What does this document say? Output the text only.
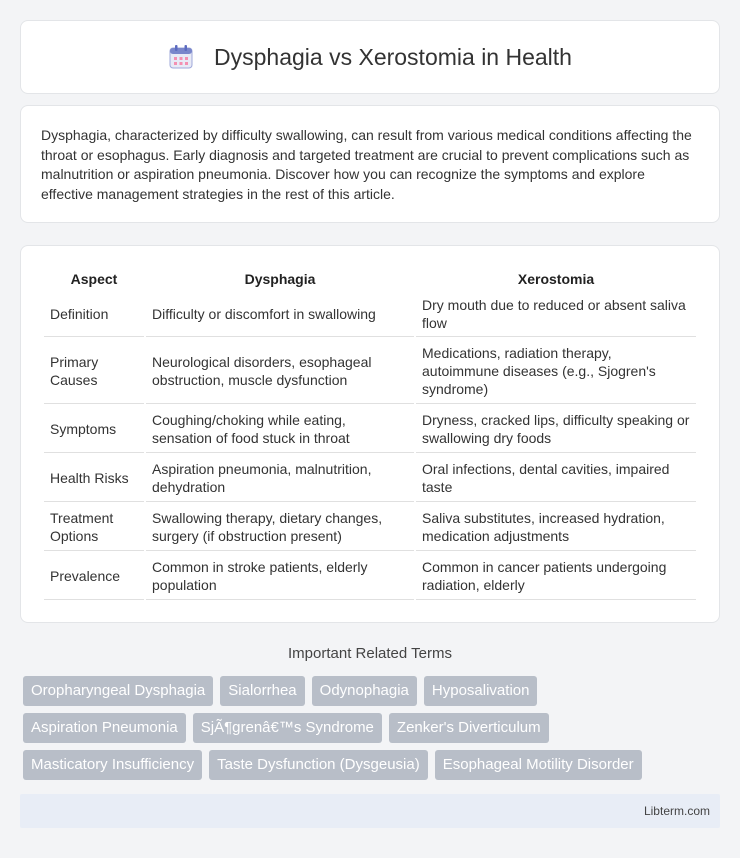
Dysphagia vs Xerostomia in Health

Dysphagia, characterized by difficulty swallowing, can result from various medical conditions affecting the throat or esophagus. Early diagnosis and targeted treatment are crucial to prevent complications such as malnutrition or aspiration pneumonia. Discover how you can recognize the symptoms and explore effective management strategies in the rest of this article.

Aspect	Dysphagia	Xerostomia
Definition	Difficulty or discomfort in swallowing	Dry mouth due to reduced or absent saliva flow
Primary Causes	Neurological disorders, esophageal obstruction, muscle dysfunction	Medications, radiation therapy, autoimmune diseases (e.g., Sjogren's syndrome)
Symptoms	Coughing/choking while eating, sensation of food stuck in throat	Dryness, cracked lips, difficulty speaking or swallowing dry foods
Health Risks	Aspiration pneumonia, malnutrition, dehydration	Oral infections, dental cavities, impaired taste
Treatment Options	Swallowing therapy, dietary changes, surgery (if obstruction present)	Saliva substitutes, increased hydration, medication adjustments
Prevalence	Common in stroke patients, elderly population	Common in cancer patients undergoing radiation, elderly
Important Related Terms
Oropharyngeal Dysphagia	Sialorrhea	Odynophagia	Hyposalivation
Aspiration Pneumonia	SjÃ¶grenâ€™s Syndrome	Zenker's Diverticulum
Masticatory Insufficiency	Taste Dysfunction (Dysgeusia)	Esophageal Motility Disorder
Libterm.com
